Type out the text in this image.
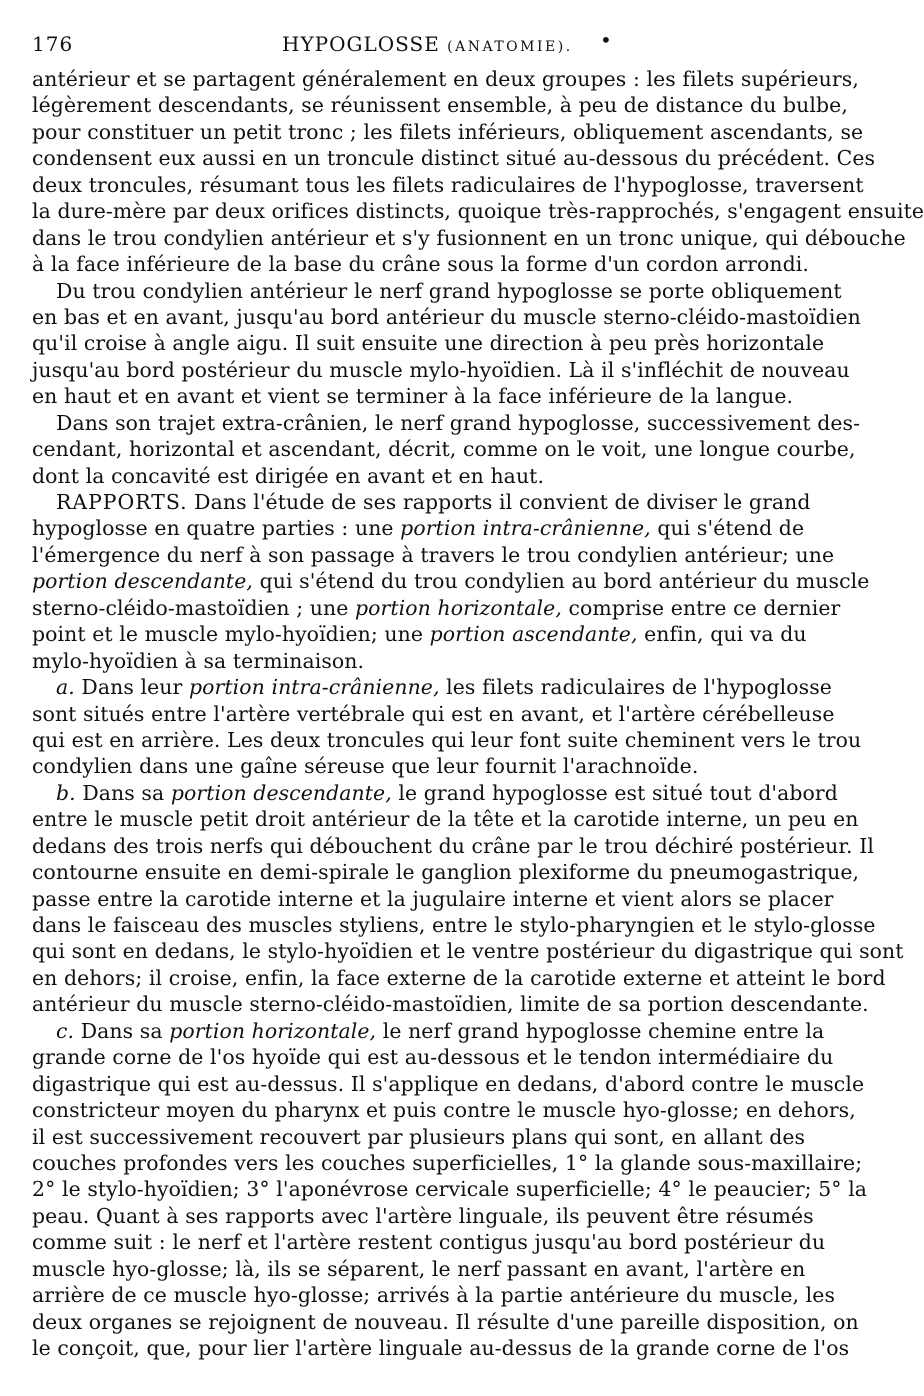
176	HYPOGLOSSE (ANATOMIE). •
antérieur et se partagent généralement en deux groupes : les filets supérieurs,
légèrement descendants, se réunissent ensemble, à peu de distance du bulbe,
pour constituer un petit tronc ; les filets inférieurs, obliquement ascendants, se
condensent eux aussi en un troncule distinct situé au-dessous du précédent. Ces
deux troncules, résumant tous les filets radiculaires de l'hypoglosse, traversent
la dure-mère par deux orifices distincts, quoique très-rapprochés, s'engagent ensuite
dans le trou condylien antérieur et s'y fusionnent en un tronc unique, qui débouche
à la face inférieure de la base du crâne sous la forme d'un cordon arrondi.
Du trou condylien antérieur le nerf grand hypoglosse se porte obliquement
en bas et en avant, jusqu'au bord antérieur du muscle sterno-cléido-mastoïdien
qu'il croise à angle aigu. Il suit ensuite une direction à peu près horizontale
jusqu'au bord postérieur du muscle mylo-hyoïdien. Là il s'infléchit de nouveau
en haut et en avant et vient se terminer à la face inférieure de la langue.
Dans son trajet extra-crânien, le nerf grand hypoglosse, successivement des-
cendant, horizontal et ascendant, décrit, comme on le voit, une longue courbe,
dont la concavité est dirigée en avant et en haut.
RAPPORTS. Dans l'étude de ses rapports il convient de diviser le grand
hypoglosse en quatre parties : une portion intra-crânienne, qui s'étend de
l'émergence du nerf à son passage à travers le trou condylien antérieur; une
portion descendante, qui s'étend du trou condylien au bord antérieur du muscle
sterno-cléido-mastoïdien ; une portion horizontale, comprise entre ce dernier
point et le muscle mylo-hyoïdien; une portion ascendante, enfin, qui va du
mylo-hyoïdien à sa terminaison.
a. Dans leur portion intra-crânienne, les filets radiculaires de l'hypoglosse
sont situés entre l'artère vertébrale qui est en avant, et l'artère cérébelleuse
qui est en arrière. Les deux troncules qui leur font suite cheminent vers le trou
condylien dans une gaîne séreuse que leur fournit l'arachnoïde.
b. Dans sa portion descendante, le grand hypoglosse est situé tout d'abord
entre le muscle petit droit antérieur de la tête et la carotide interne, un peu en
dedans des trois nerfs qui débouchent du crâne par le trou déchiré postérieur. Il
contourne ensuite en demi-spirale le ganglion plexiforme du pneumogastrique,
passe entre la carotide interne et la jugulaire interne et vient alors se placer
dans le faisceau des muscles styliens, entre le stylo-pharyngien et le stylo-glosse
qui sont en dedans, le stylo-hyoïdien et le ventre postérieur du digastrique qui sont
en dehors; il croise, enfin, la face externe de la carotide externe et atteint le bord
antérieur du muscle sterno-cléido-mastoïdien, limite de sa portion descendante.
c. Dans sa portion horizontale, le nerf grand hypoglosse chemine entre la
grande corne de l'os hyoïde qui est au-dessous et le tendon intermédiaire du
digastrique qui est au-dessus. Il s'applique en dedans, d'abord contre le muscle
constricteur moyen du pharynx et puis contre le muscle hyo-glosse; en dehors,
il est successivement recouvert par plusieurs plans qui sont, en allant des
couches profondes vers les couches superficielles, 1° la glande sous-maxillaire;
2° le stylo-hyoïdien; 3° l'aponévrose cervicale superficielle; 4° le peaucier; 5° la
peau. Quant à ses rapports avec l'artère linguale, ils peuvent être résumés
comme suit : le nerf et l'artère restent contigus jusqu'au bord postérieur du
muscle hyo-glosse; là, ils se séparent, le nerf passant en avant, l'artère en
arrière de ce muscle hyo-glosse; arrivés à la partie antérieure du muscle, les
deux organes se rejoignent de nouveau. Il résulte d'une pareille disposition, on
le conçoit, que, pour lier l'artère linguale au-dessus de la grande corne de l'os
